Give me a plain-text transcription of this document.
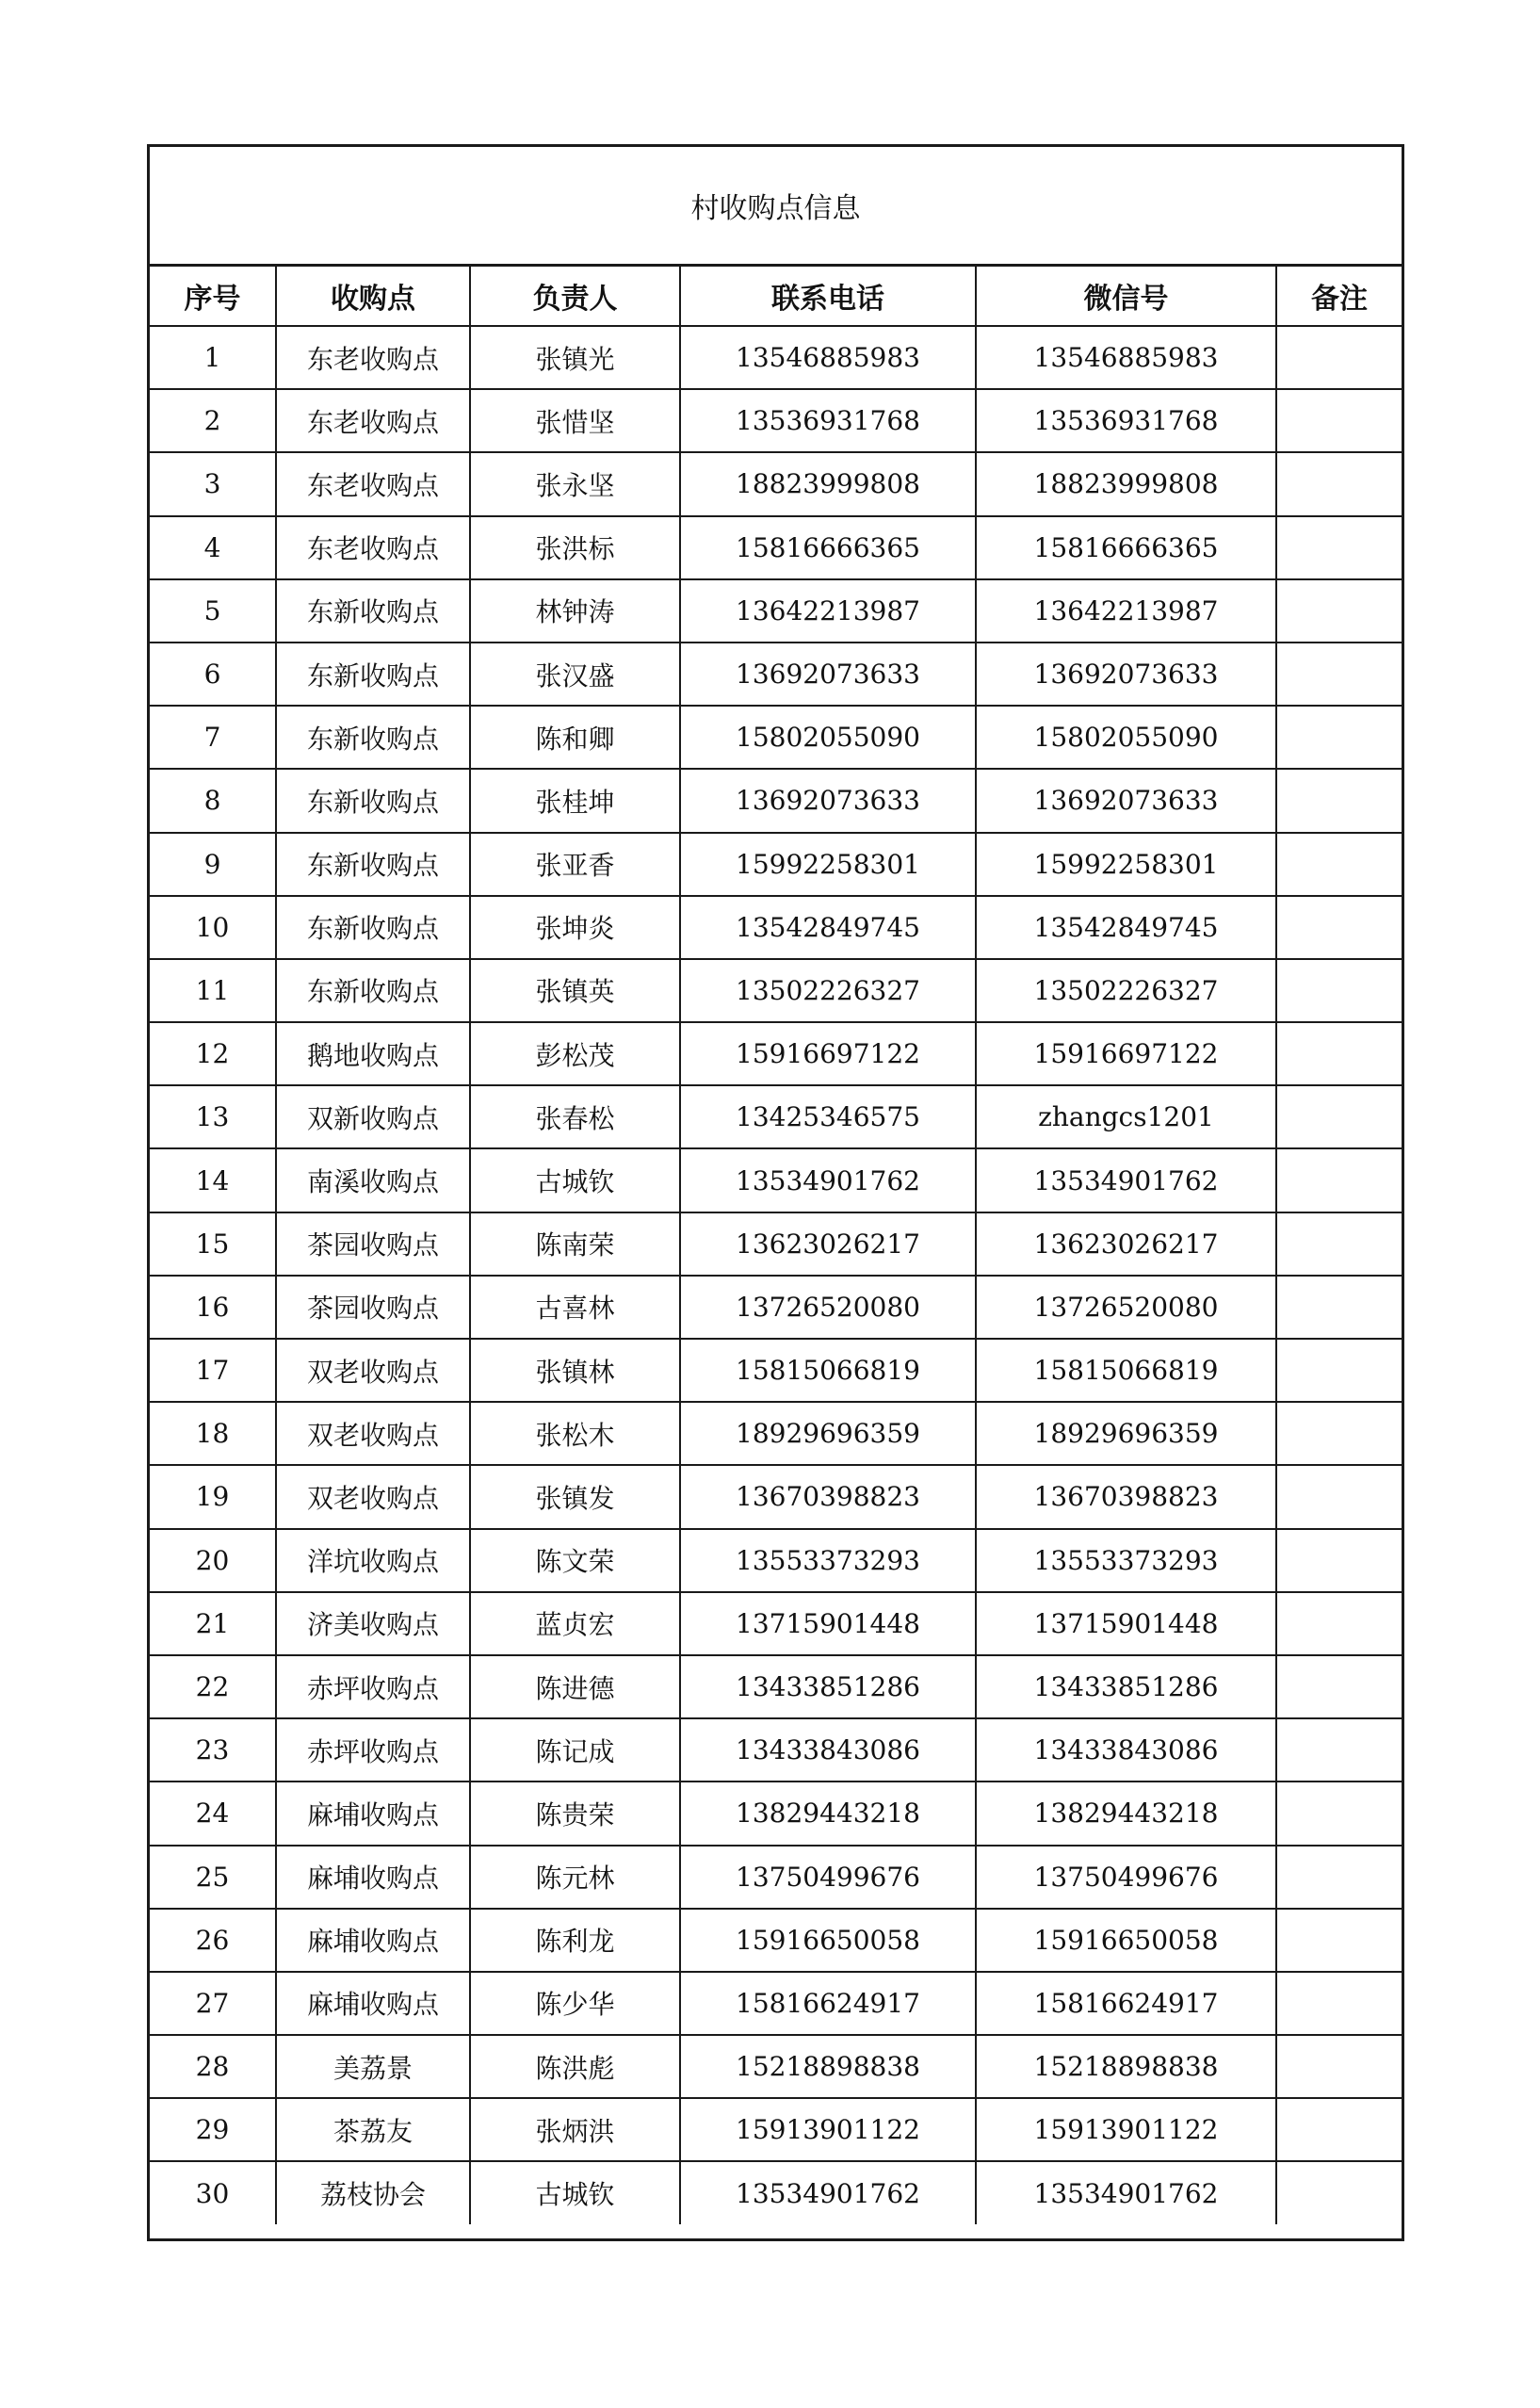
村收购点信息
序号	收购点	负责人	联系电话	微信号	备注
1	东老收购点	张镇光	13546885983	13546885983	
2	东老收购点	张惜坚	13536931768	13536931768	
3	东老收购点	张永坚	18823999808	18823999808	
4	东老收购点	张洪标	15816666365	15816666365	
5	东新收购点	林钟涛	13642213987	13642213987	
6	东新收购点	张汉盛	13692073633	13692073633	
7	东新收购点	陈和卿	15802055090	15802055090	
8	东新收购点	张桂坤	13692073633	13692073633	
9	东新收购点	张亚香	15992258301	15992258301	
10	东新收购点	张坤炎	13542849745	13542849745	
11	东新收购点	张镇英	13502226327	13502226327	
12	鹅地收购点	彭松茂	15916697122	15916697122	
13	双新收购点	张春松	13425346575	zhangcs1201	
14	南溪收购点	古城钦	13534901762	13534901762	
15	茶园收购点	陈南荣	13623026217	13623026217	
16	茶园收购点	古喜林	13726520080	13726520080	
17	双老收购点	张镇林	15815066819	15815066819	
18	双老收购点	张松木	18929696359	18929696359	
19	双老收购点	张镇发	13670398823	13670398823	
20	洋坑收购点	陈文荣	13553373293	13553373293	
21	济美收购点	蓝贞宏	13715901448	13715901448	
22	赤坪收购点	陈进德	13433851286	13433851286	
23	赤坪收购点	陈记成	13433843086	13433843086	
24	麻埔收购点	陈贵荣	13829443218	13829443218	
25	麻埔收购点	陈元林	13750499676	13750499676	
26	麻埔收购点	陈利龙	15916650058	15916650058	
27	麻埔收购点	陈少华	15816624917	15816624917	
28	美荔景	陈洪彪	15218898838	15218898838	
29	茶荔友	张炳洪	15913901122	15913901122	
30	荔枝协会	古城钦	13534901762	13534901762	
